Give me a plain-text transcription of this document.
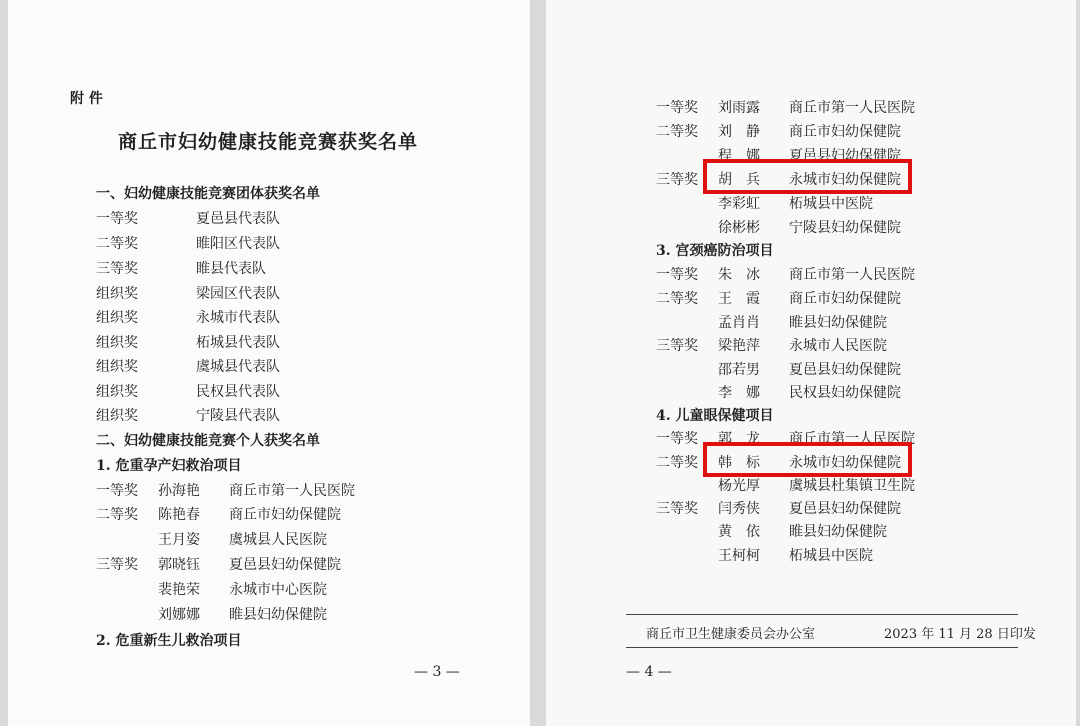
附 件
商丘市妇幼健康技能竞赛获奖名单
一、妇幼健康技能竞赛团体获奖名单
一等奖	夏邑县代表队
二等奖	睢阳区代表队
三等奖	睢县代表队
组织奖	梁园区代表队
组织奖	永城市代表队
组织奖	柘城县代表队
组织奖	虞城县代表队
组织奖	民权县代表队
组织奖	宁陵县代表队
二、妇幼健康技能竞赛个人获奖名单
1. 危重孕产妇救治项目
一等奖 孙海艳 商丘市第一人民医院
二等奖 陈艳春 商丘市妇幼保健院
王月姿 虞城县人民医院
三等奖 郭晓钰 夏邑县妇幼保健院
裴艳荣 永城市中心医院
刘娜娜 睢县妇幼保健院
2. 危重新生儿救治项目
— 3 —
一等奖 刘雨露 商丘市第一人民医院
二等奖 刘　静 商丘市妇幼保健院
程　娜 夏邑县妇幼保健院
三等奖 胡　兵 永城市妇幼保健院
李彩虹 柘城县中医院
徐彬彬 宁陵县妇幼保健院
3. 宫颈癌防治项目
一等奖 朱　冰 商丘市第一人民医院
二等奖 王　霞 商丘市妇幼保健院
孟肖肖 睢县妇幼保健院
三等奖 梁艳萍 永城市人民医院
邵若男 夏邑县妇幼保健院
李　娜 民权县妇幼保健院
4. 儿童眼保健项目
一等奖 郭　龙 商丘市第一人民医院
二等奖 韩　标 永城市妇幼保健院
杨光厚 虞城县杜集镇卫生院
三等奖 闫秀侠 夏邑县妇幼保健院
黄　依 睢县妇幼保健院
王柯柯 柘城县中医院
商丘市卫生健康委员会办公室	2023 年 11 月 28 日印发
— 4 —
